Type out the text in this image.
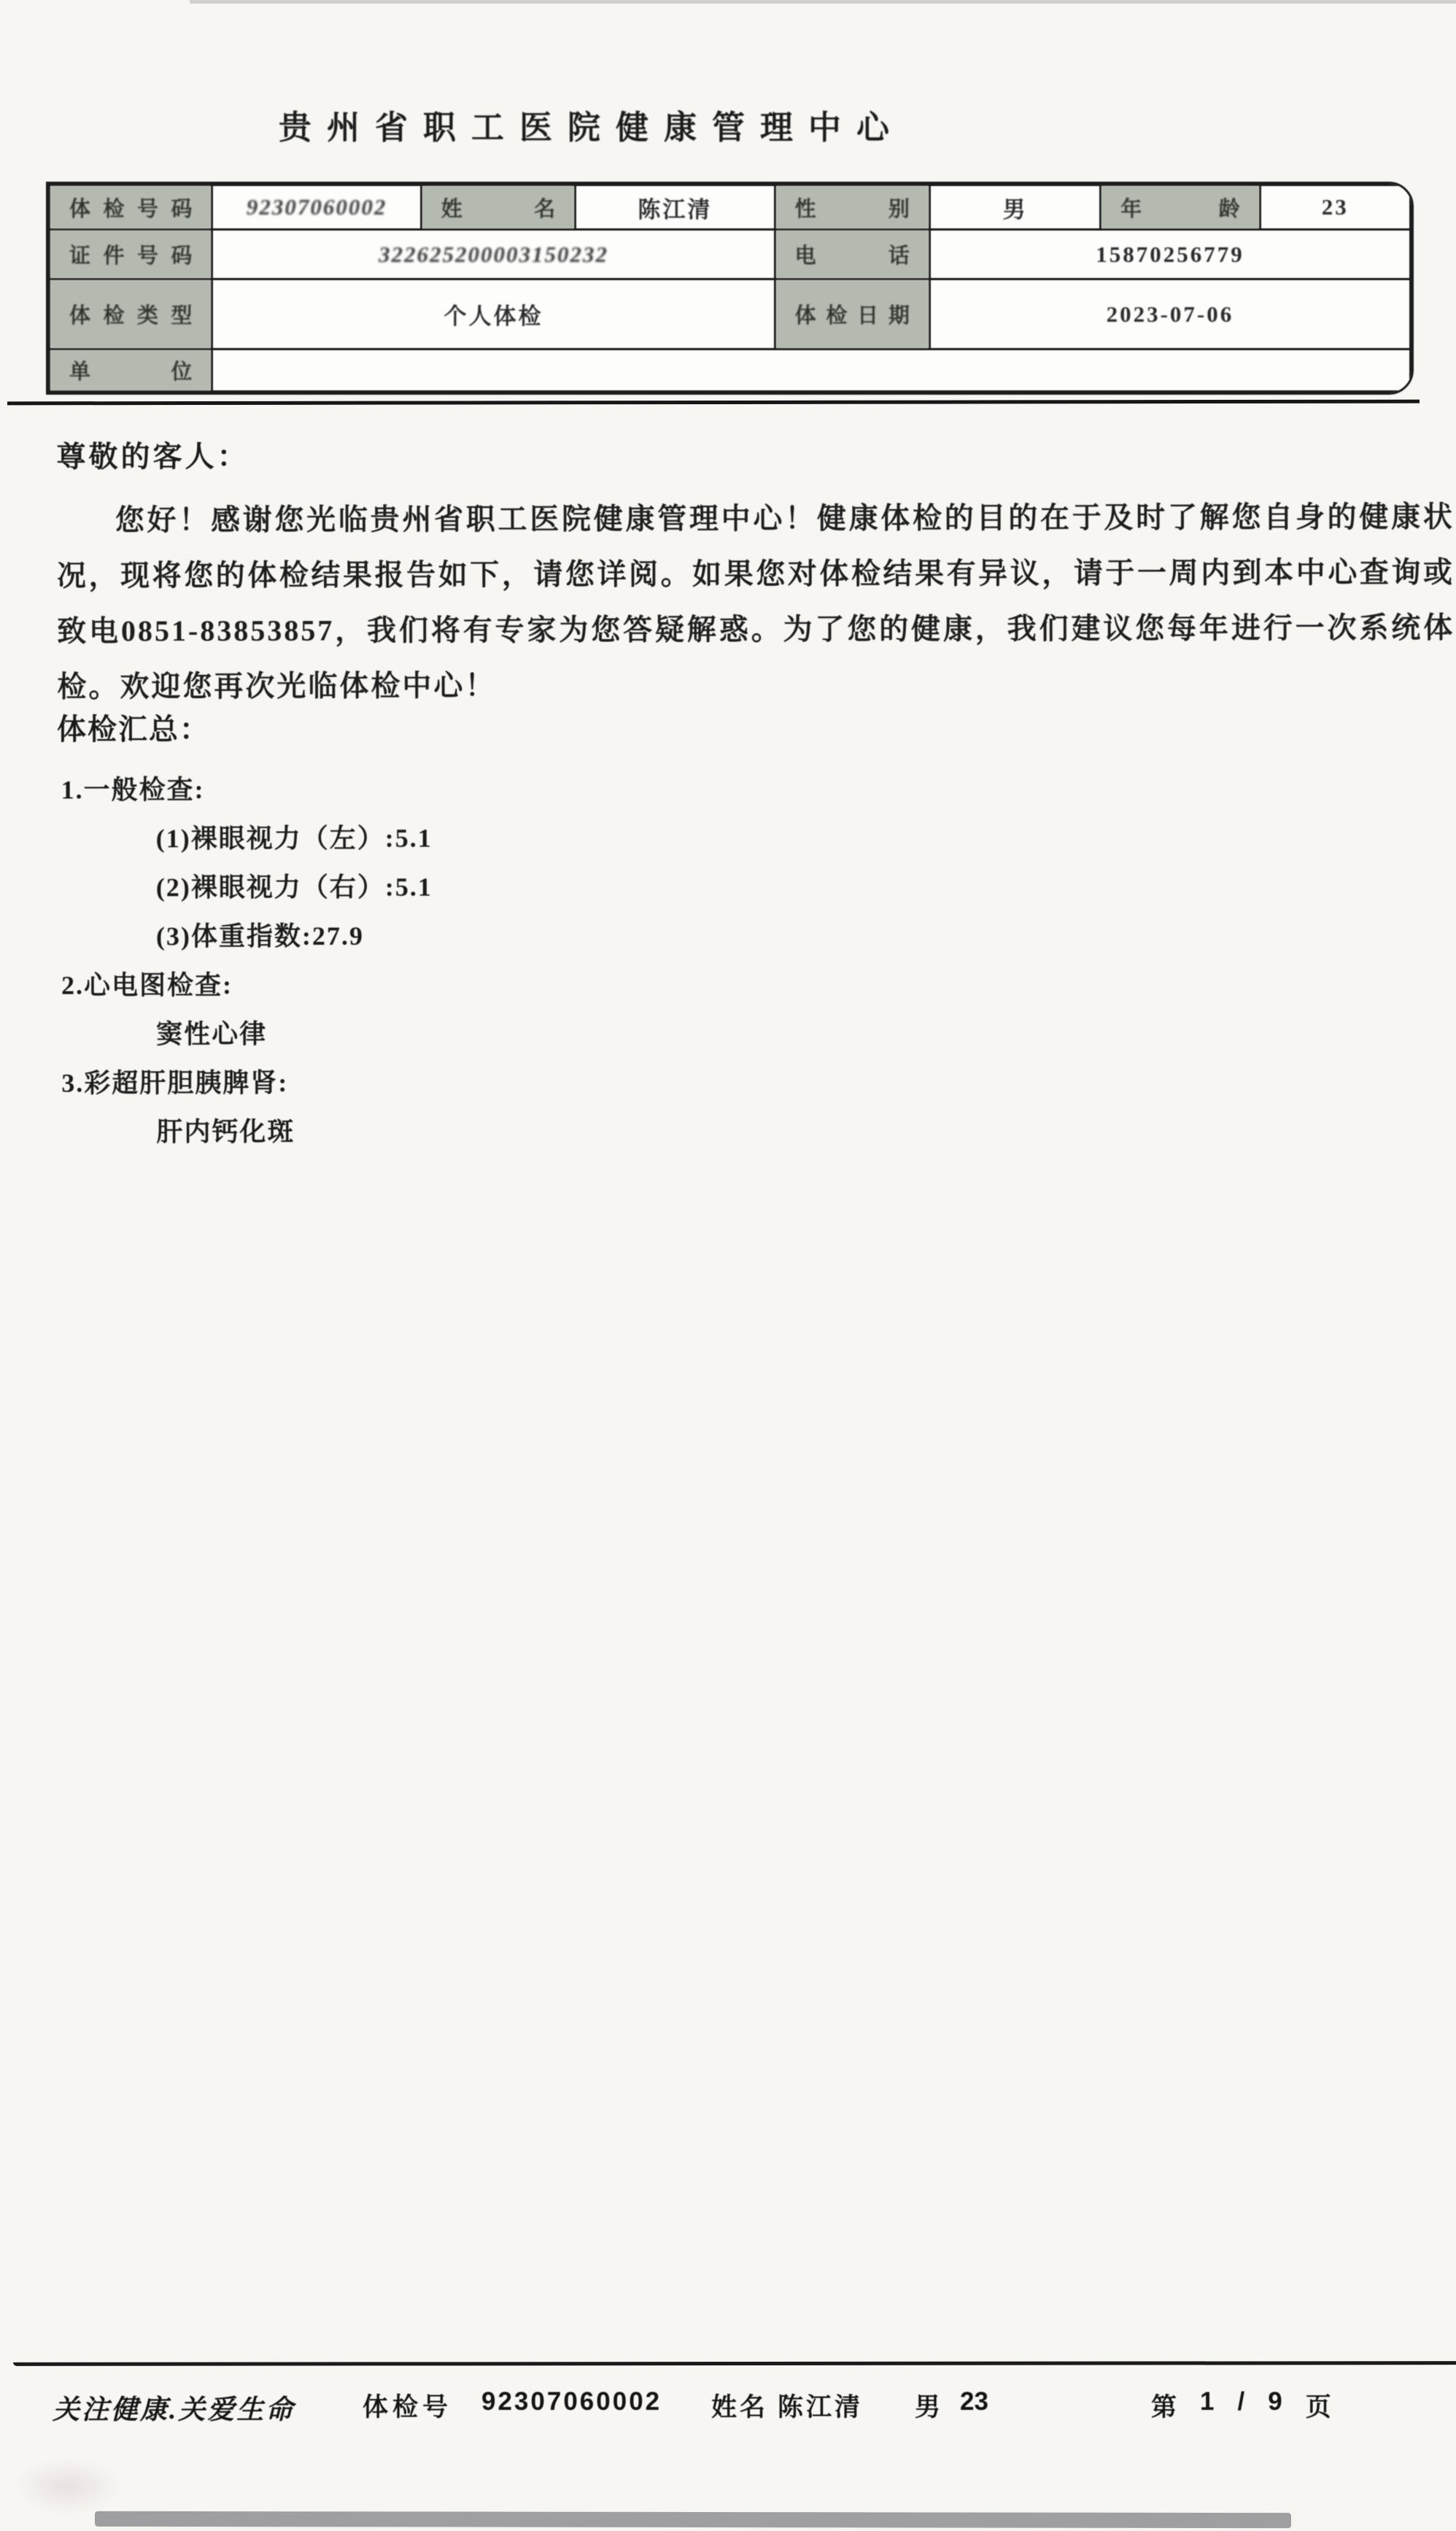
贵州省职工医院健康管理中心
体检号码	92307060002	姓名	陈江清	性别	男	年龄	23
证件号码	322625200003150232			电话	15870256779		
体检类型	个人体检			体检日期	2023-07-06		
单位							

尊敬的客人：

您好！感谢您光临贵州省职工医院健康管理中心！健康体检的目的在于及时了解您自身的健康状况，现将您的体检结果报告如下，请您详阅。如果您对体检结果有异议，请于一周内到本中心查询或致电0851-83853857，我们将有专家为您答疑解惑。为了您的健康，我们建议您每年进行一次系统体检。欢迎您再次光临体检中心！

体检汇总：
1.一般检查:
(1)裸眼视力（左）:5.1
(2)裸眼视力（右）:5.1
(3)体重指数:27.9
2.心电图检查:
窦性心律
3.彩超肝胆胰脾肾:
肝内钙化斑
关注健康.关爱生命	体检号 92307060002 姓名 陈江清 男 23	第 1 / 9 页
